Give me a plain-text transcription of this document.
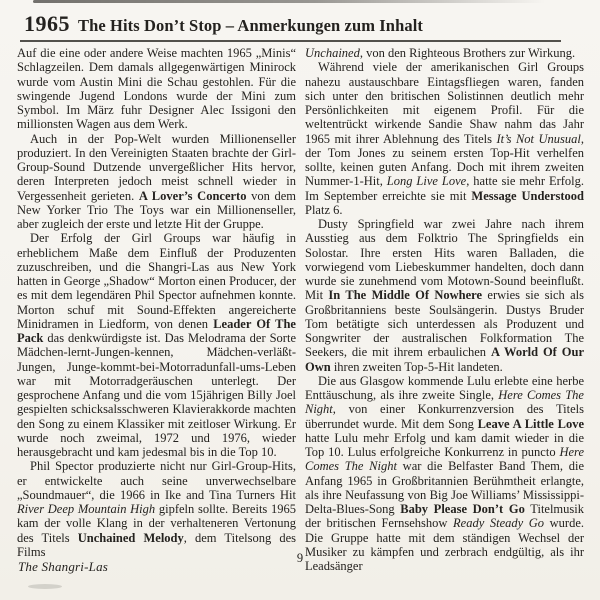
1965 The Hits Don’t Stop – Anmerkungen zum Inhalt

Auf die eine oder andere Weise machten 1965 „Minis“ Schlagzeilen. Dem damals allgegenwärtigen Minirock wurde vom Austin Mini die Schau gestohlen. Für die swingende Jugend Londons wurde der Mini zum Symbol. Im März fuhr Designer Alec Issigoni den millionsten Wagen aus dem Werk.

Auch in der Pop-Welt wurden Millionenseller produziert. In den Vereinigten Staaten brachte der Girl-Group-Sound Dutzende unvergeßlicher Hits hervor, deren Interpreten jedoch meist schnell wieder in Vergessenheit gerieten. A Lover’s Concerto von dem New Yorker Trio The Toys war ein Millionenseller, aber zugleich der erste und letzte Hit der Gruppe.

Der Erfolg der Girl Groups war häufig in erheblichem Maße dem Einfluß der Produzenten zuzuschreiben, und die Shangri-Las aus New York hatten in George „Shadow“ Morton einen Producer, der es mit dem legendären Phil Spector aufnehmen konnte. Morton schuf mit Sound-Effekten angereicherte Minidramen in Liedform, von denen Leader Of The Pack das denkwürdigste ist. Das Melodrama der Sorte Mädchen-lernt-Jungen-kennen, Mädchen-verläßt-Jungen, Junge-kommt-bei-Motorradunfall-ums-Leben war mit Motorradgeräuschen unterlegt. Der gesprochene Anfang und die vom 15jährigen Billy Joel gespielten schicksalsschweren Klavierakkorde machten den Song zu einem Klassiker mit zeitloser Wirkung. Er wurde noch zweimal, 1972 und 1976, wieder herausgebracht und kam jedesmal bis in die Top 10.

Phil Spector produzierte nicht nur Girl-Group-Hits, er entwickelte auch seine unverwechselbare „Soundmauer“, die 1966 in Ike and Tina Turners Hit River Deep Mountain High gipfeln sollte. Bereits 1965 kam der volle Klang in der verhalteneren Vertonung des Titels Unchained Melody, dem Titelsong des Films

Unchained, von den Righteous Brothers zur Wirkung.

Während viele der amerikanischen Girl Groups nahezu austauschbare Eintagsfliegen waren, fanden sich unter den britischen Solistinnen deutlich mehr Persönlichkeiten mit eigenem Profil. Für die weltentrückt wirkende Sandie Shaw nahm das Jahr 1965 mit ihrer Ablehnung des Titels It’s Not Unusual, der Tom Jones zu seinem ersten Top-Hit verhelfen sollte, keinen guten Anfang. Doch mit ihrem zweiten Nummer-1-Hit, Long Live Love, hatte sie mehr Erfolg. Im September erreichte sie mit Message Understood Platz 6.

Dusty Springfield war zwei Jahre nach ihrem Ausstieg aus dem Folktrio The Springfields ein Solostar. Ihre ersten Hits waren Balladen, die vorwiegend vom Liebeskummer handelten, doch dann wurde sie zunehmend vom Motown-Sound beeinflußt. Mit In The Middle Of Nowhere erwies sie sich als Großbritanniens beste Soulsängerin. Dustys Bruder Tom betätigte sich unterdessen als Produzent und Songwriter der australischen Folkformation The Seekers, die mit ihrem erbaulichen A World Of Our Own ihren zweiten Top-5-Hit landeten.

Die aus Glasgow kommende Lulu erlebte eine herbe Enttäuschung, als ihre zweite Single, Here Comes The Night, von einer Konkurrenzversion des Titels überrundet wurde. Mit dem Song Leave A Little Love hatte Lulu mehr Erfolg und kam damit wieder in die Top 10. Lulus erfolgreiche Konkurrenz in puncto Here Comes The Night war die Belfaster Band Them, die Anfang 1965 in Großbritannien Berühmtheit erlangte, als ihre Neufassung von Big Joe Williams’ Mississippi-Delta-Blues-Song Baby Please Don’t Go Titelmusik der britischen Fernsehshow Ready Steady Go wurde. Die Gruppe hatte mit dem ständigen Wechsel der Musiker zu kämpfen und zerbrach endgültig, als ihr Leadsänger

The Shangri-Las
9
